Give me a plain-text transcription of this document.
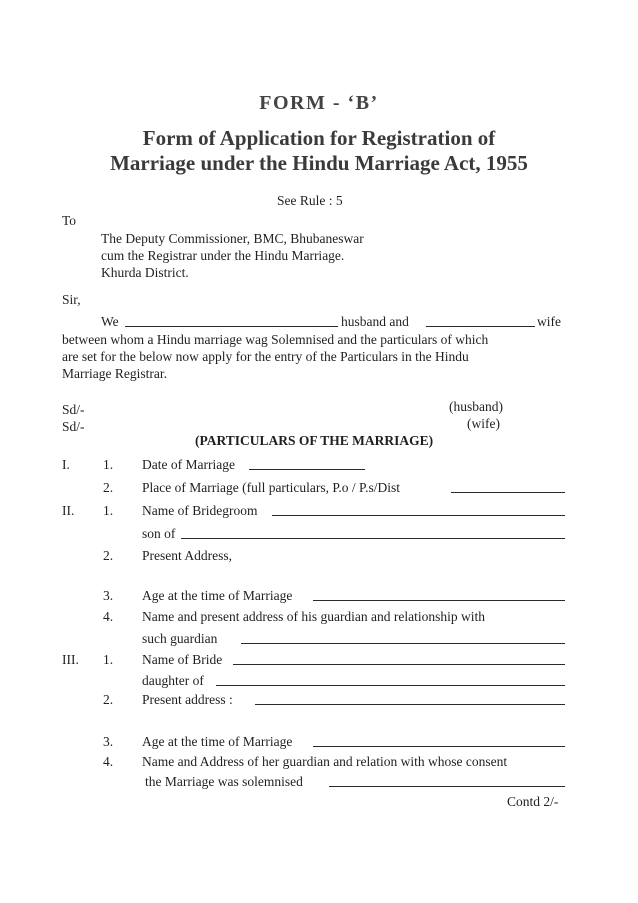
FORM - ‘B’
Form of Application for Registration of
Marriage under the Hindu Marriage Act, 1955
See Rule : 5
To
The Deputy Commissioner, BMC, Bhubaneswar
cum the Registrar under the Hindu Marriage.
Khurda District.
Sir,
We	husband and	wife
between whom a Hindu marriage wag Solemnised and the particulars of which
are set for the below now apply for the entry of the Particulars in the Hindu
Marriage Registrar.
Sd/-	(husband)
Sd/-	(wife)
(PARTICULARS OF THE MARRIAGE)
I. 1. Date of Marriage
2. Place of Marriage (full particulars, P.o / P.s/Dist
II. 1. Name of Bridegroom
son of
2. Present Address,
3. Age at the time of Marriage
4. Name and present address of his guardian and relationship with
such guardian
III. 1. Name of Bride
daughter of
2. Present address :
3. Age at the time of Marriage
4. Name and Address of her guardian and relation with whose consent
the Marriage was solemnised
Contd 2/-
